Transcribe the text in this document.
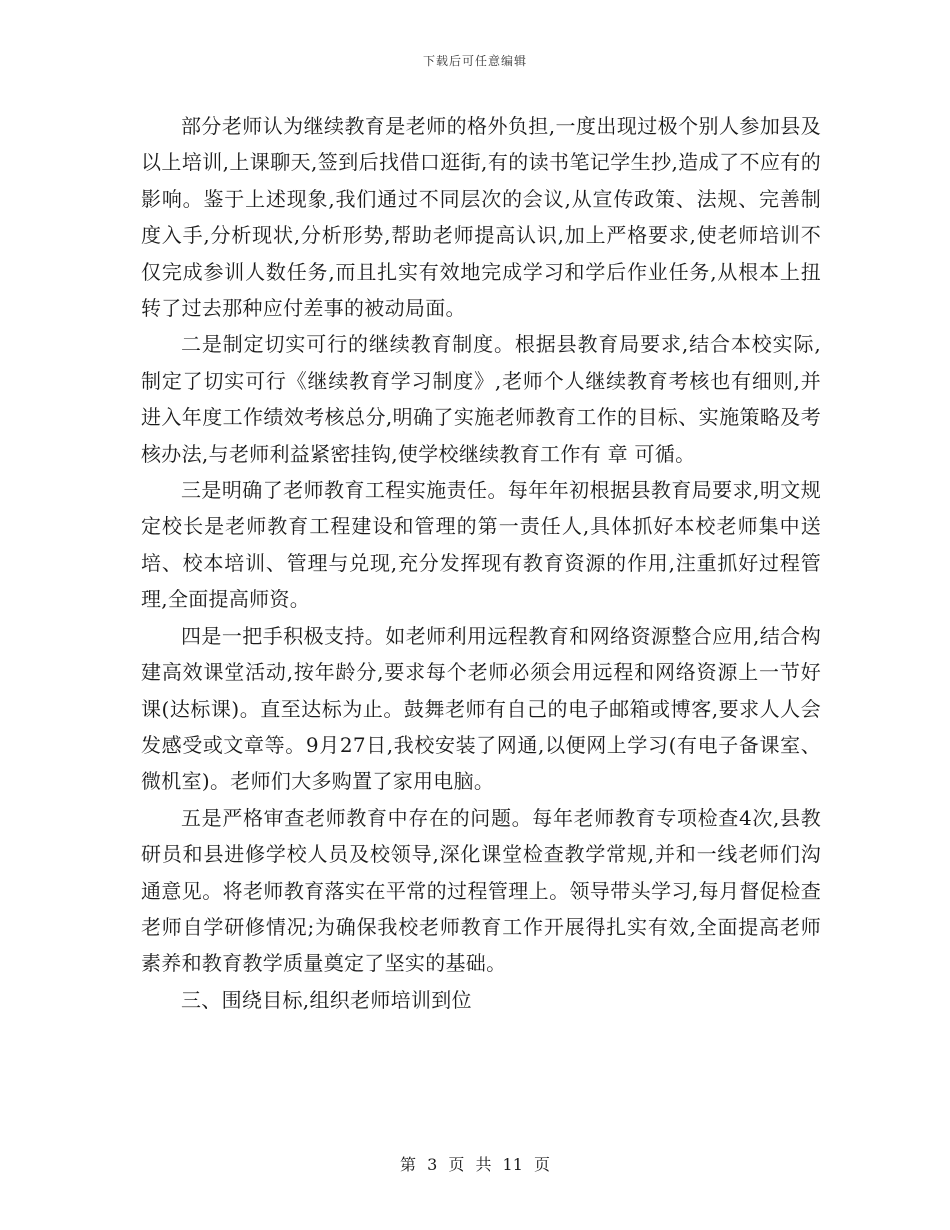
下载后可任意编辑

部分老师认为继续教育是老师的格外负担,一度出现过极个别人参加县及以上培训,上课聊天,签到后找借口逛街,有的读书笔记学生抄,造成了不应有的影响。鉴于上述现象,我们通过不同层次的会议,从宣传政策、法规、完善制度入手,分析现状,分析形势,帮助老师提高认识,加上严格要求,使老师培训不仅完成参训人数任务,而且扎实有效地完成学习和学后作业任务,从根本上扭转了过去那种应付差事的被动局面。

二是制定切实可行的继续教育制度。根据县教育局要求,结合本校实际,制定了切实可行《继续教育学习制度》,老师个人继续教育考核也有细则,并进入年度工作绩效考核总分,明确了实施老师教育工作的目标、实施策略及考核办法,与老师利益紧密挂钩,使学校继续教育工作有 章 可循。

三是明确了老师教育工程实施责任。每年年初根据县教育局要求,明文规定校长是老师教育工程建设和管理的第一责任人,具体抓好本校老师集中送培、校本培训、管理与兑现,充分发挥现有教育资源的作用,注重抓好过程管理,全面提高师资。

四是一把手积极支持。如老师利用远程教育和网络资源整合应用,结合构建高效课堂活动,按年龄分,要求每个老师必须会用远程和网络资源上一节好课(达标课)。直至达标为止。鼓舞老师有自己的电子邮箱或博客,要求人人会发感受或文章等。9月27日,我校安装了网通,以便网上学习(有电子备课室、微机室)。老师们大多购置了家用电脑。

五是严格审查老师教育中存在的问题。每年老师教育专项检查4次,县教研员和县进修学校人员及校领导,深化课堂检查教学常规,并和一线老师们沟通意见。将老师教育落实在平常的过程管理上。领导带头学习,每月督促检查老师自学研修情况;为确保我校老师教育工作开展得扎实有效,全面提高老师素养和教育教学质量奠定了坚实的基础。

三、围绕目标,组织老师培训到位

第 3 页 共 11 页
